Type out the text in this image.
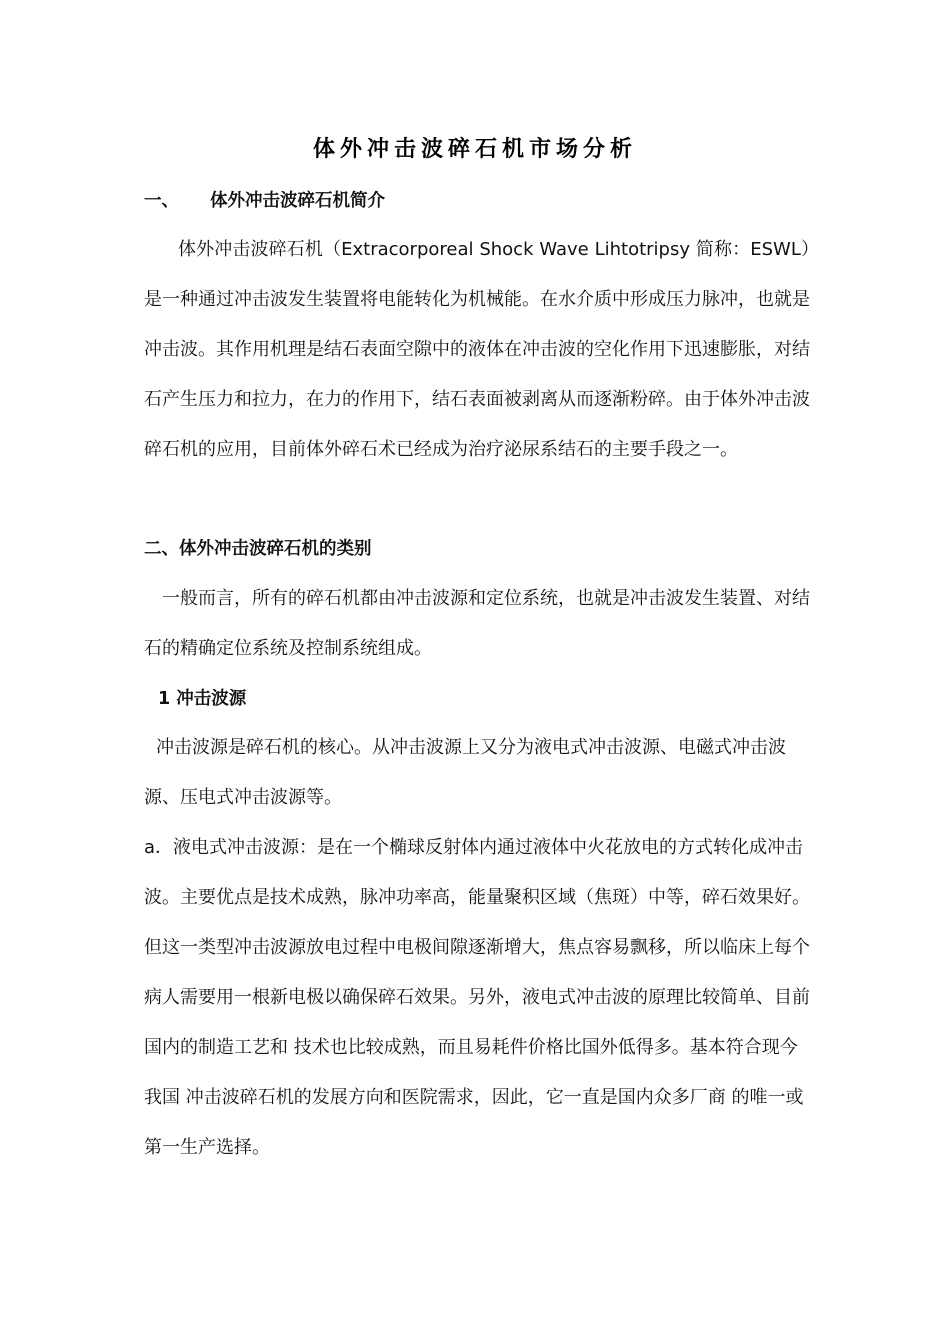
体外冲击波碎石机市场分析
一、 体外冲击波碎石机简介

体外冲击波碎石机（Extracorporeal Shock Wave Lihtotripsy 简称：ESWL）是一种通过冲击波发生装置将电能转化为机械能。在水介质中形成压力脉冲，也就是冲击波。其作用机理是结石表面空隙中的液体在冲击波的空化作用下迅速膨胀，对结石产生压力和拉力，在力的作用下，结石表面被剥离从而逐渐粉碎。由于体外冲击波碎石机的应用，目前体外碎石术已经成为治疗泌尿系结石的主要手段之一。

二、体外冲击波碎石机的类别

一般而言，所有的碎石机都由冲击波源和定位系统，也就是冲击波发生装置、对结石的精确定位系统及控制系统组成。

1 冲击波源

冲击波源是碎石机的核心。从冲击波源上又分为液电式冲击波源、电磁式冲击波源、压电式冲击波源等。

a．液电式冲击波源：是在一个椭球反射体内通过液体中火花放电的方式转化成冲击波。主要优点是技术成熟，脉冲功率高，能量聚积区域（焦斑）中等，碎石效果好。但这一类型冲击波源放电过程中电极间隙逐渐增大，焦点容易飘移，所以临床上每个病人需要用一根新电极以确保碎石效果。另外，液电式冲击波的原理比较简单、目前国内的制造工艺和 技术也比较成熟，而且易耗件价格比国外低得多。基本符合现今我国 冲击波碎石机的发展方向和医院需求，因此，它一直是国内众多厂商 的唯一或第一生产选择。
